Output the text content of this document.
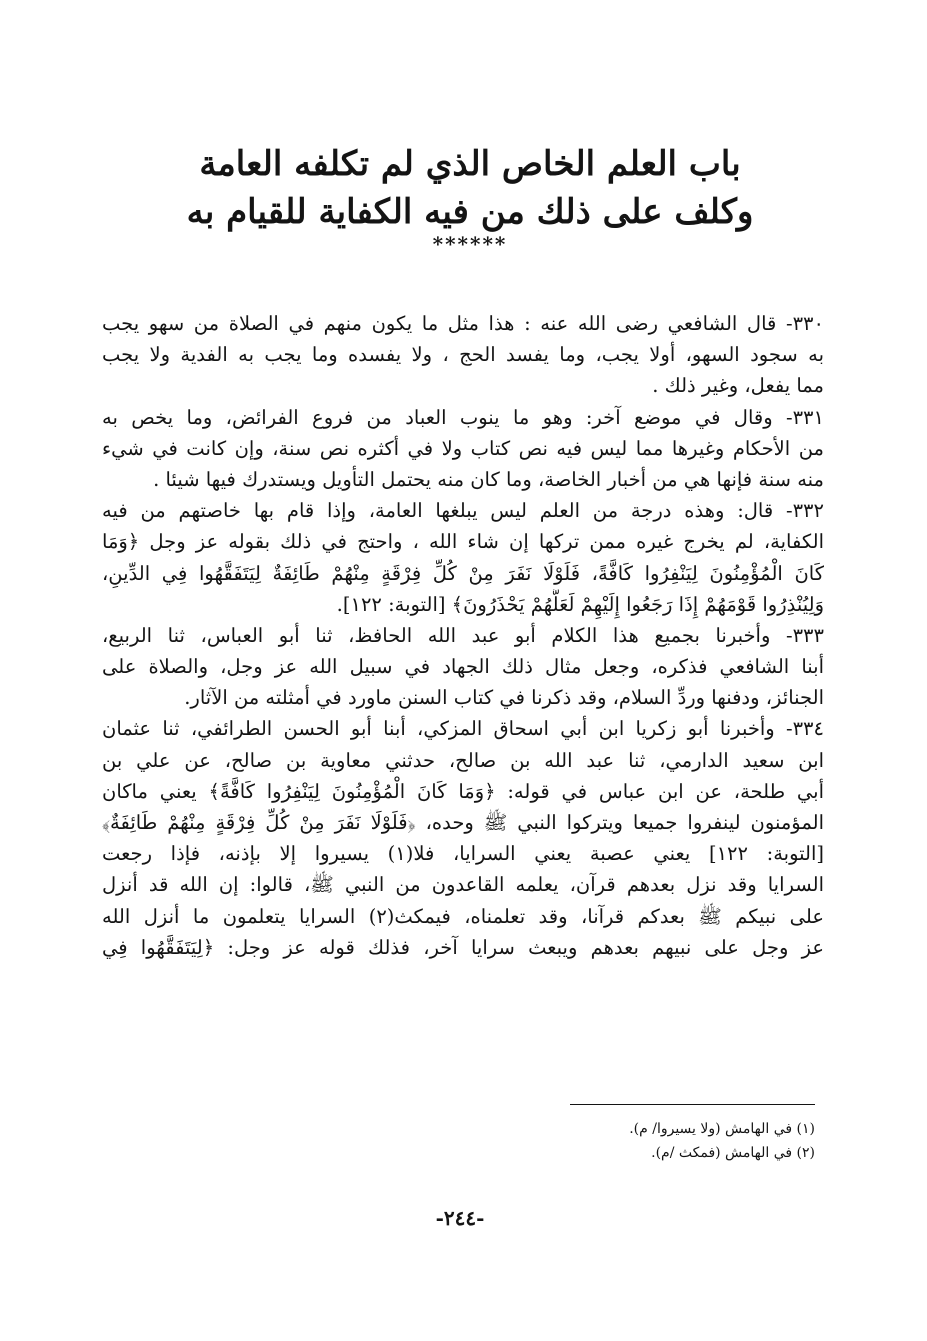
باب العلم الخاص الذي لم تكلفه العامة
وكلف على ذلك من فيه الكفاية للقيام به
******
٣٣٠- قال الشافعي رضى الله عنه : هذا مثل ما يكون منهم في الصلاة من سهو يجب
به سجود السهو، أولا يجب، وما يفسد الحج ، ولا يفسده وما يجب به الفدية ولا يجب
مما يفعل، وغير ذلك .
٣٣١- وقال في موضع آخر: وهو ما ينوب العباد من فروع الفرائض، وما يخص به
من الأحكام وغيرها مما ليس فيه نص كتاب ولا في أكثره نص سنة، وإن كانت في شيء
منه سنة فإنها هي من أخبار الخاصة، وما كان منه يحتمل التأويل ويستدرك فيها شيئا .
٣٣٢- قال: وهذه درجة من العلم ليس يبلغها العامة، وإذا قام بها خاصتهم من فيه
الكفاية، لم يخرج غيره ممن تركها إن شاء الله ، واحتج في ذلك بقوله عز وجل ﴿وَمَا
كَانَ الْمُؤْمِنُونَ لِيَنْفِرُوا كَافَّةً، فَلَوْلَا نَفَرَ مِنْ كُلِّ فِرْقَةٍ مِنْهُمْ طَائِفَةٌ لِيَتَفَقَّهُوا فِي الدِّينِ،
وَلِيُنْذِرُوا قَوْمَهُمْ إِذَا رَجَعُوا إِلَيْهِمْ لَعَلَّهُمْ يَحْذَرُونَ﴾ [التوبة: ١٢٢].
٣٣٣- وأخبرنا بجميع هذا الكلام أبو عبد الله الحافظ، ثنا أبو العباس، ثنا الربيع،
أبنا الشافعي فذكره، وجعل مثال ذلك الجهاد في سبيل الله عز وجل، والصلاة على
الجنائز، ودفنها وردِّ السلام، وقد ذكرنا في كتاب السنن ماورد في أمثلته من الآثار.
٣٣٤- وأخبرنا أبو زكريا ابن أبي اسحاق المزكي، أبنا أبو الحسن الطرائفي، ثنا عثمان
ابن سعيد الدارمي، ثنا عبد الله بن صالح، حدثني معاوية بن صالح، عن علي بن
أبي طلحة، عن ابن عباس في قوله: ﴿وَمَا كَانَ الْمُؤْمِنُونَ لِيَنْفِرُوا كَافَّةً﴾ يعني ماكان
المؤمنون لينفروا جميعا ويتركوا النبي ﷺ وحده، ﴿فَلَوْلَا نَفَرَ مِنْ كُلِّ فِرْقَةٍ مِنْهُمْ طَائِفَةٌ﴾
[التوبة: ١٢٢] يعني عصبة يعني السرايا، فلا(١) يسيروا إلا بإذنه، فإذا رجعت
السرايا وقد نزل بعدهم قرآن، يعلمه القاعدون من النبي ﷺ، قالوا: إن الله قد أنزل
على نبيكم ﷺ بعدكم قرآنا، وقد تعلمناه، فيمكث(٢) السرايا يتعلمون ما أنزل الله
عز وجل على نبيهم بعدهم ويبعث سرايا آخر، فذلك قوله عز وجل: ﴿لِيَتَفَقَّهُوا فِي
(١) في الهامش (ولا يسيروا/ م).
(٢) في الهامش (فمكث /م).
-٢٤٤-
